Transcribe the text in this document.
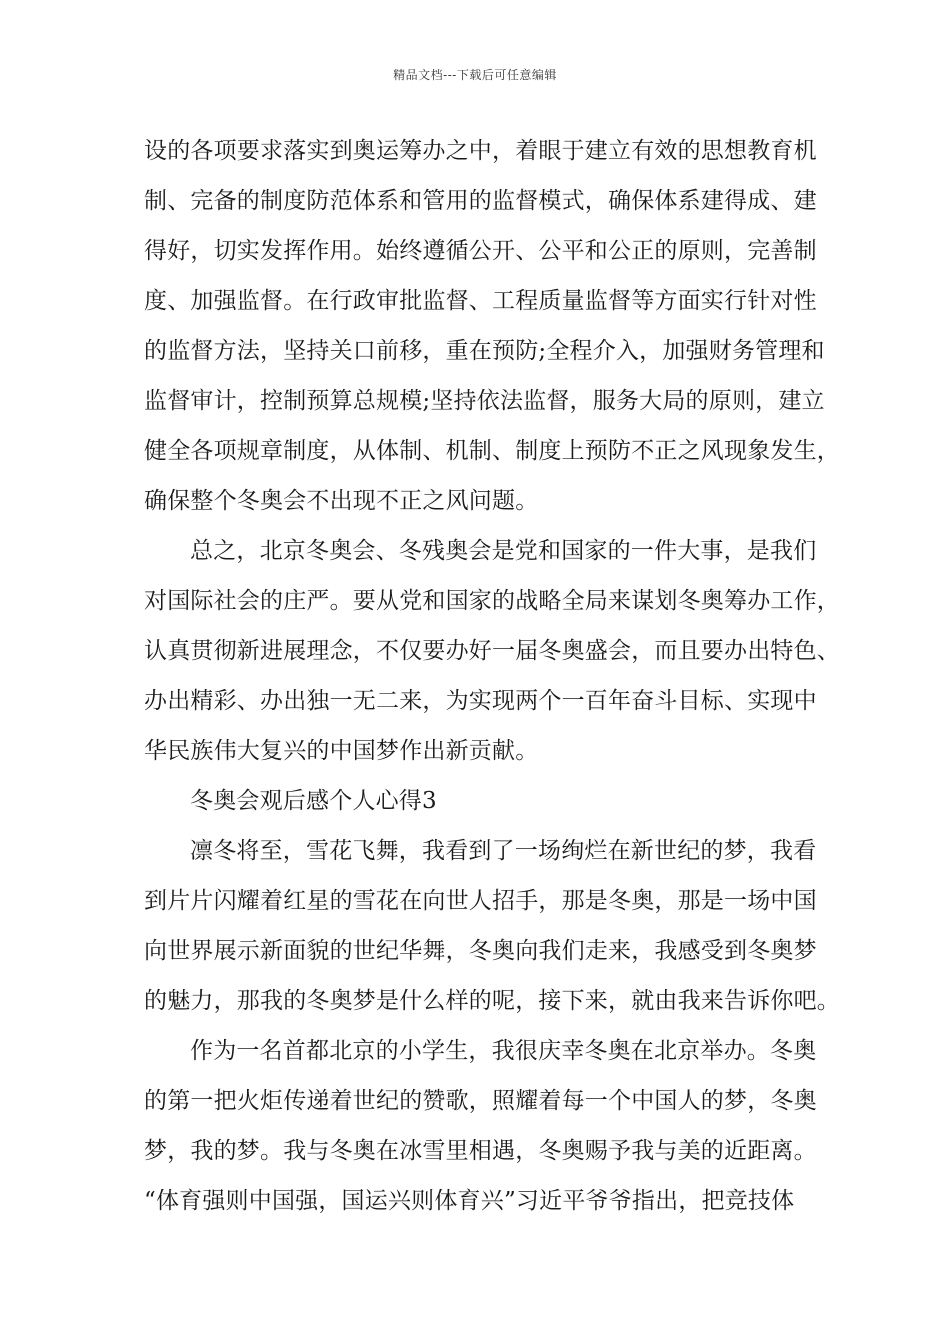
精品文档---下载后可任意编辑
设的各项要求落实到奥运筹办之中，着眼于建立有效的思想教育机
制、完备的制度防范体系和管用的监督模式，确保体系建得成、建
得好，切实发挥作用。始终遵循公开、公平和公正的原则，完善制
度、加强监督。在行政审批监督、工程质量监督等方面实行针对性
的监督方法，坚持关口前移，重在预防;全程介入，加强财务管理和
监督审计，控制预算总规模;坚持依法监督，服务大局的原则，建立
健全各项规章制度，从体制、机制、制度上预防不正之风现象发生，
确保整个冬奥会不出现不正之风问题。
总之，北京冬奥会、冬残奥会是党和国家的一件大事，是我们
对国际社会的庄严。要从党和国家的战略全局来谋划冬奥筹办工作，
认真贯彻新进展理念，不仅要办好一届冬奥盛会，而且要办出特色、
办出精彩、办出独一无二来，为实现两个一百年奋斗目标、实现中
华民族伟大复兴的中国梦作出新贡献。
冬奥会观后感个人心得3
凛冬将至，雪花飞舞，我看到了一场绚烂在新世纪的梦，我看
到片片闪耀着红星的雪花在向世人招手，那是冬奥，那是一场中国
向世界展示新面貌的世纪华舞，冬奥向我们走来，我感受到冬奥梦
的魅力，那我的冬奥梦是什么样的呢，接下来，就由我来告诉你吧。
作为一名首都北京的小学生，我很庆幸冬奥在北京举办。冬奥
的第一把火炬传递着世纪的赞歌，照耀着每一个中国人的梦，冬奥
梦，我的梦。我与冬奥在冰雪里相遇，冬奥赐予我与美的近距离。
“体育强则中国强，国运兴则体育兴”习近平爷爷指出，把竞技体
